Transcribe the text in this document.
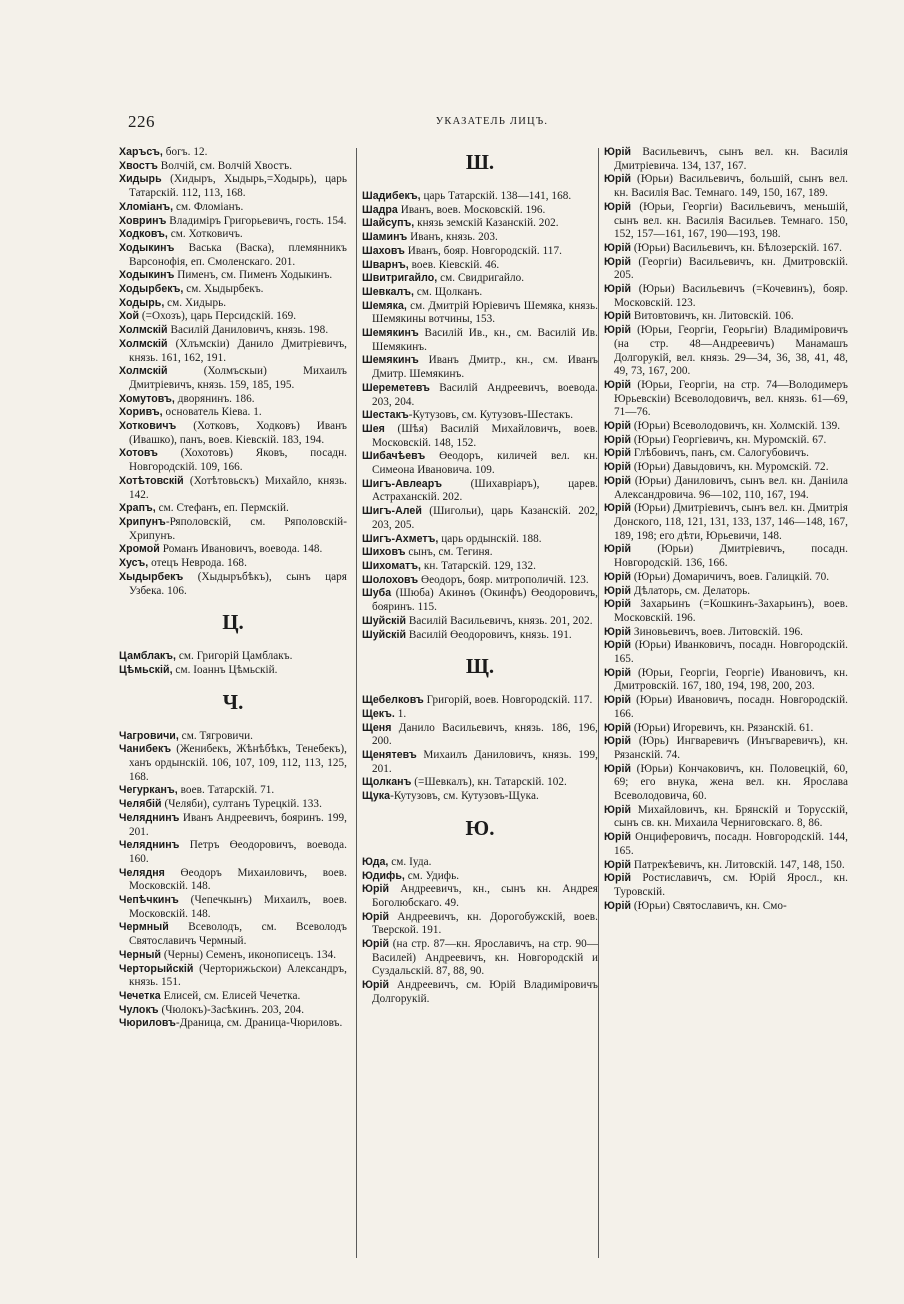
226	УКАЗАТЕЛЬ ЛИЦЪ.
Харъсъ, богъ. 12.
Хвостъ Волчій, см. Волчій Хвостъ.
Хидырь (Хидыръ, Хыдырь,=Ходырь), царь Татарскій. 112, 113, 168.
Хломіанъ, см. Фломіанъ.
Ховринъ Владиміръ Григорьевичъ, гость. 154.
Ходковъ, см. Хотковичъ.
Ходыкинъ Васька (Васка), племянникъ Варсонофія, еп. Смоленскаго. 201.
Ходыкинъ Пименъ, см. Пименъ Ходыкинъ.
Ходырбекъ, см. Хыдырбекъ.
Ходырь, см. Хидырь.
Хой (=Охозъ), царь Персидскій. 169.
Холмскій Василій Даниловичъ, князь. 198.
Холмскій (Хлъмскіи) Данило Дмитріевичъ, князь. 161, 162, 191.
Холмскій (Холмъскыи) Михаилъ Дмитріевичъ, князь. 159, 185, 195.
Хомутовъ, дворянинъ. 186.
Хоривъ, основатель Кіева. 1.
Хотковичъ (Хотковъ, Ходковъ) Иванъ (Ивашко), панъ, воев. Кіевскій. 183, 194.
Хотовъ (Хохотовъ) Яковъ, посадн. Новгородскій. 109, 166.
Хотѣтовскій (Хотѣтовьскъ) Михайло, князь. 142.
Храпъ, см. Стефанъ, еп. Пермскій.
Хрипунъ-Ряполовскій, см. Ряполовскій-Хрипунъ.
Хромой Романъ Ивановичъ, воевода. 148.
Хусъ, отецъ Неврода. 168.
Хыдырбекъ (Хыдыръбѣкъ), сынъ царя Узбека. 106.
Ц.
Цамблакъ, см. Григорій Цамблакъ.
Цѣмьскій, см. Іоаннъ Цѣмьскій.
Ч.
Чагровичи, см. Тягровичи.
Чанибекъ (Женибекъ, Жѣнѣбѣкъ, Тенебекъ), ханъ ордынскій. 106, 107, 109, 112, 113, 125, 168.
Чегурканъ, воев. Татарскій. 71.
Челябій (Челяби), султанъ Турецкій. 133.
Челяднинъ Иванъ Андреевичъ, бояринъ. 199, 201.
Челяднинъ Петръ Өеодоровичъ, воевода. 160.
Челядня Өеодоръ Михаиловичъ, воев. Московскій. 148.
Чепѣчкинъ (Чепечкынъ) Михаилъ, воев. Московскій. 148.
Чермный Всеволодъ, см. Всеволодъ Святославичъ Чермный.
Черный (Черны) Семенъ, иконописецъ. 134.
Черторыйскій (Черторижьскои) Александръ, князь. 151.
Чечетка Елисей, см. Елисей Чечетка.
Чулокъ (Чюлокъ)-Засѣкинъ. 203, 204.
Чюриловъ-Драница, см. Драница-Чюриловъ.
Ш.
Шадибекъ, царь Татарскій. 138—141, 168.
Шадра Иванъ, воев. Московскій. 196.
Шайсупъ, князь земскій Казанскій. 202.
Шаминъ Иванъ, князь. 203.
Шаховъ Иванъ, бояр. Новгородскій. 117.
Шварнъ, воев. Кіевскій. 46.
Швитригайло, см. Свидригайло.
Шевкалъ, см. Щолканъ.
Шемяка, см. Дмитрій Юріевичъ Шемяка, князь. Шемякины вотчины, 153.
Шемякинъ Василій Ив., кн., см. Василій Ив. Шемякинъ.
Шемякинъ Иванъ Дмитр., кн., см. Иванъ Дмитр. Шемякинъ.
Шереметевъ Василій Андреевичъ, воевода. 203, 204.
Шестакъ-Кутузовъ, см. Кутузовъ-Шестакъ.
Шея (Шѣя) Василій Михайловичъ, воев. Московскій. 148, 152.
Шибачѣевъ Өеодоръ, киличей вел. кн. Симеона Ивановича. 109.
Шигъ-Авлеаръ (Шихавріаръ), царев. Астраханскій. 202.
Шигъ-Алей (Шигольи), царь Казанскій. 202, 203, 205.
Шигъ-Ахметъ, царь ордынскій. 188.
Шиховъ сынъ, см. Тегиня.
Шихоматъ, кн. Татарскій. 129, 132.
Шолоховъ Өеодоръ, бояр. митрополичій. 123.
Шуба (Шюба) Акинөъ (Окинфъ) Өеодоровичъ, бояринъ. 115.
Шуйскій Василій Васильевичъ, князь. 201, 202.
Шуйскій Василій Өеодоровичъ, князь. 191.
Щ.
Щебелковъ Григорій, воев. Новгородскій. 117.
Щекъ. 1.
Щеня Данило Васильевичъ, князь. 186, 196, 200.
Щенятевъ Михаилъ Даниловичъ, князь. 199, 201.
Щолканъ (=Шевкалъ), кн. Татарскій. 102.
Щука-Кутузовъ, см. Кутузовъ-Щука.
Ю.
Юда, см. Іуда.
Юдифь, см. Удифь.
Юрій Андреевичъ, кн., сынъ кн. Андрея Боголюбскаго. 49.
Юрій Андреевичъ, кн. Дорогобужскій, воев. Тверской. 191.
Юрій (на стр. 87—кн. Ярославичъ, на стр. 90—Василей) Андреевичъ, кн. Новгородскій и Суздальскій. 87, 88, 90.
Юрій Андреевичъ, см. Юрій Владиміровичъ Долгорукій.
Юрій Васильевичъ, сынъ вел. кн. Василія Дмитріевича. 134, 137, 167.
Юрій (Юрьи) Васильевичъ, большій, сынъ вел. кн. Василія Вас. Темнаго. 149, 150, 167, 189.
Юрій (Юрьи, Георгіи) Васильевичъ, меньшій, сынъ вел. кн. Василія Васильев. Темнаго. 150, 152, 157—161, 167, 190—193, 198.
Юрій (Юрьи) Васильевичъ, кн. Бѣлозерскій. 167.
Юрій (Георгіи) Васильевичъ, кн. Дмитровскій. 205.
Юрій (Юрьи) Васильевичъ (=Кочевинъ), бояр. Московскій. 123.
Юрій Витовтовичъ, кн. Литовскій. 106.
Юрій (Юрьи, Георгіи, Георьгіи) Владиміровичъ (на стр. 48—Андреевичъ) Манамашъ Долгорукій, вел. князь. 29—34, 36, 38, 41, 48, 49, 73, 167, 200.
Юрій (Юрьи, Георгіи, на стр. 74—Володимеръ Юрьевскіи) Всеволодовичъ, вел. князь. 61—69, 71—76.
Юрій (Юрьи) Всеволодовичъ, кн. Холмскій. 139.
Юрій (Юрьи) Георгіевичъ, кн. Муромскій. 67.
Юрій Глѣбовичъ, панъ, см. Салогубовичъ.
Юрій (Юрьи) Давыдовичъ, кн. Муромскій. 72.
Юрій (Юрьи) Даниловичъ, сынъ вел. кн. Даніила Александровича. 96—102, 110, 167, 194.
Юрій (Юрьи) Дмитріевичъ, сынъ вел. кн. Дмитрія Донского, 118, 121, 131, 133, 137, 146—148, 167, 189, 198; его дѣти, Юрьевичи, 148.
Юрій (Юрьи) Дмитріевичъ, посадн. Новгородскій. 136, 166.
Юрій (Юрьи) Домаричичъ, воев. Галицкій. 70.
Юрій Дѣлаторь, см. Делаторь.
Юрій Захарьинъ (=Кошкинъ-Захарьинъ), воев. Московскій. 196.
Юрій Зиновьевичъ, воев. Литовскій. 196.
Юрій (Юрьи) Иванковичъ, посадн. Новгородскій. 165.
Юрій (Юрьи, Георгіи, Георгіе) Ивановичъ, кн. Дмитровскій. 167, 180, 194, 198, 200, 203.
Юрій (Юрьи) Ивановичъ, посадн. Новгородскій. 166.
Юрій (Юрьи) Игоревичъ, кн. Рязанскій. 61.
Юрій (Юрь) Ингваревичъ (Инъгваревичъ), кн. Рязанскій. 74.
Юрій (Юрьи) Кончаковичъ, кн. Половецкій, 60, 69; его внука, жена вел. кн. Ярослава Всеволодовича, 60.
Юрій Михайловичъ, кн. Брянскій и Торусскій, сынъ св. кн. Михаила Черниговскаго. 8, 86.
Юрій Онциферовичъ, посадн. Новгородскій. 144, 165.
Юрій Патрекѣевичъ, кн. Литовскій. 147, 148, 150.
Юрій Ростиславичъ, см. Юрій Яросл., кн. Туровскій.
Юрій (Юрьи) Святославичъ, кн. Смо-
